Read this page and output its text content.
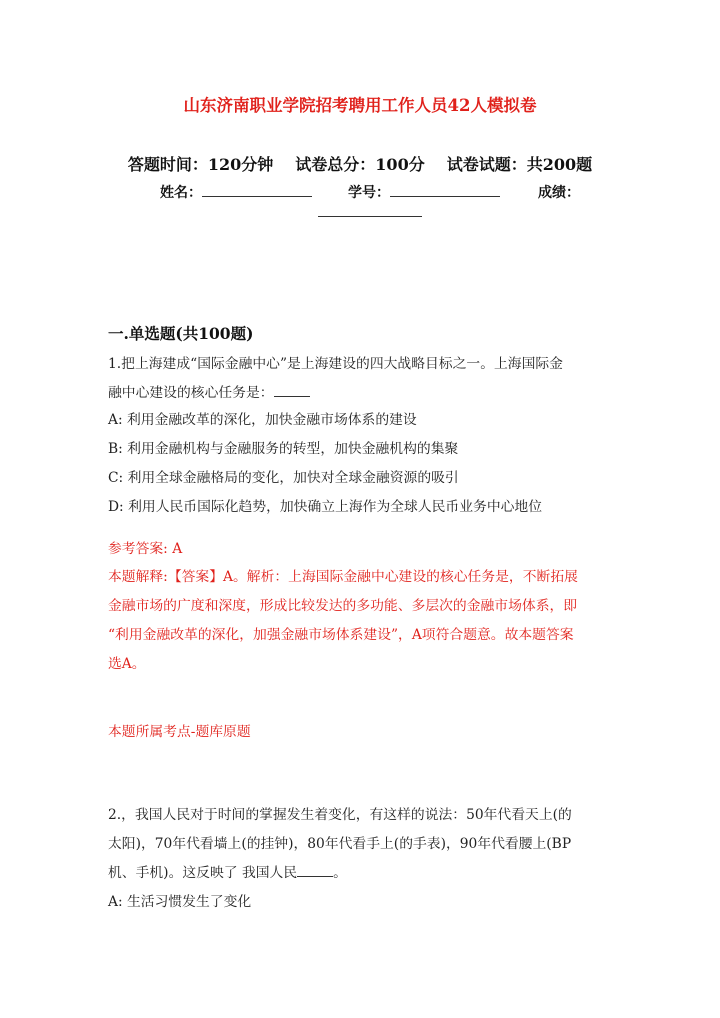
山东济南职业学院招考聘用工作人员42人模拟卷
答题时间：120分钟 试卷总分：100分 试卷试题：共200题
姓名：	学号：	成绩：
一.单选题(共100题)
1.把上海建成“国际金融中心”是上海建设的四大战略目标之一。上海国际金
融中心建设的核心任务是：
A: 利用金融改革的深化，加快金融市场体系的建设
B: 利用金融机构与金融服务的转型，加快金融机构的集聚
C: 利用全球金融格局的变化，加快对全球金融资源的吸引
D: 利用人民币国际化趋势，加快确立上海作为全球人民币业务中心地位
参考答案: A
本题解释:【答案】A。解析：上海国际金融中心建设的核心任务是，不断拓展
金融市场的广度和深度，形成比较发达的多功能、多层次的金融市场体系，即
“利用金融改革的深化，加强金融市场体系建设”，A项符合题意。故本题答案
选A。
本题所属考点-题库原题
2.，我国人民对于时间的掌握发生着变化，有这样的说法：50年代看天上(的
太阳)，70年代看墙上(的挂钟)，80年代看手上(的手表)，90年代看腰上(BP
机、手机)。这反映了 我国人民	。
A: 生活习惯发生了变化
